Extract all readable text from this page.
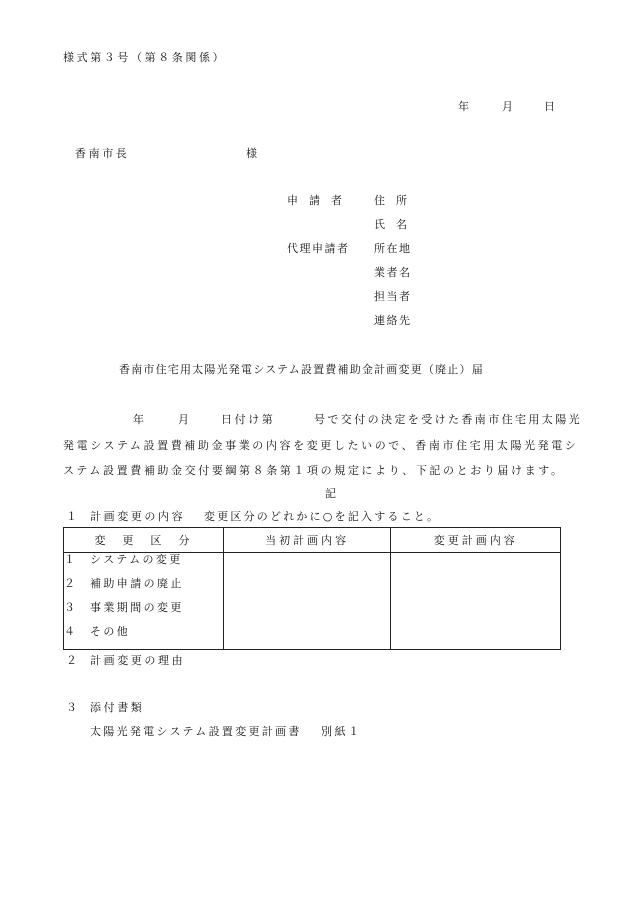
様式第３号（第８条関係）
年	月	日
香南市長	様
申　請　者	住　所
氏　名
代理申請者 所在地
業者名
担当者
連絡先
香南市住宅用太陽光発電システム設置費補助金計画変更（廃止）届
年	月	日付け第	号で交付の決定を受けた香南市住宅用太陽光
発電システム設置費補助金事業の内容を変更したいので、香南市住宅用太陽光発電シ
ステム設置費補助金交付要綱第８条第１項の規定により、下記のとおり届けます。
記
１ 計画変更の内容 変更区分のどれかに○を記入すること。
変　更　区　分	当初計画内容	変更計画内容

１ システムの変更
２ 補助申請の廃止
３ 事業期間の変更
４ その他		

２ 計画変更の理由
３ 添付書類
太陽光発電システム設置変更計画書 別紙１
